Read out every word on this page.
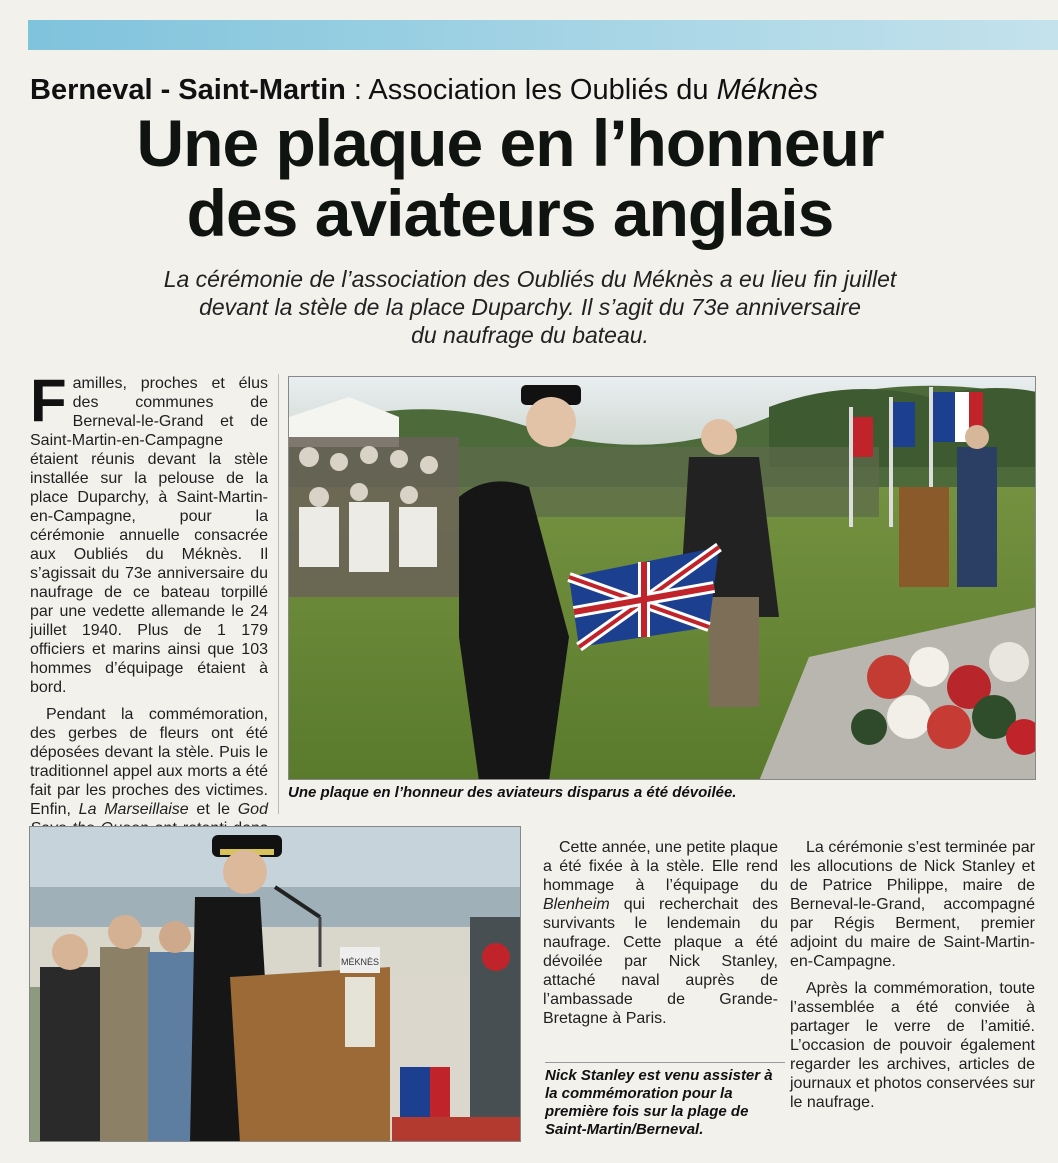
Berneval - Saint-Martin : Association les Oubliés du Méknès
Une plaque en l’honneur
des aviateurs anglais
La cérémonie de l’association des Oubliés du Méknès a eu lieu fin juillet
devant la stèle de la place Duparchy. Il s’agit du 73e anniversaire
du naufrage du bateau.

Familles, proches et élus des communes de Berneval-le-Grand et de Saint-Martin-en-Campagne étaient réunis devant la stèle installée sur la pelouse de la place Duparchy, à Saint-Martin-en-Campagne, pour la cérémonie annuelle consacrée aux Oubliés du Méknès. Il s’agissait du 73e anniversaire du naufrage de ce bateau torpillé par une vedette allemande le 24 juillet 1940. Plus de 1 179 officiers et marins ainsi que 103 hommes d’équipage étaient à bord.

Pendant la commémoration, des gerbes de fleurs ont été déposées devant la stèle. Puis le traditionnel appel aux morts a été fait par les proches des victimes. Enfin, La Marseillaise et le God

Une plaque en l’honneur des aviateurs disparus a été dévoilée.
MÉKNÈS

Cette année, une petite plaque a été fixée à la stèle. Elle rend hommage à l’équipage du Blenheim qui recherchait des survivants le lendemain du naufrage. Cette plaque a été dévoilée par Nick Stanley, attaché naval auprès de l’ambassade de Grande-Bretagne à Paris.

Nick Stanley est venu assister à la commémoration pour la première fois sur la plage de Saint-Martin/Berneval.

La cérémonie s’est terminée par les allocutions de Nick Stanley et de Patrice Philippe, maire de Berneval-le-Grand, accompagné par Régis Berment, premier adjoint du maire de Saint-Martin-en-Campagne.

Après la commémoration, toute l’assemblée a été conviée à partager le verre de l’amitié. L’occasion de pouvoir également regarder les archives, articles de journaux et photos conservées sur le naufrage.
